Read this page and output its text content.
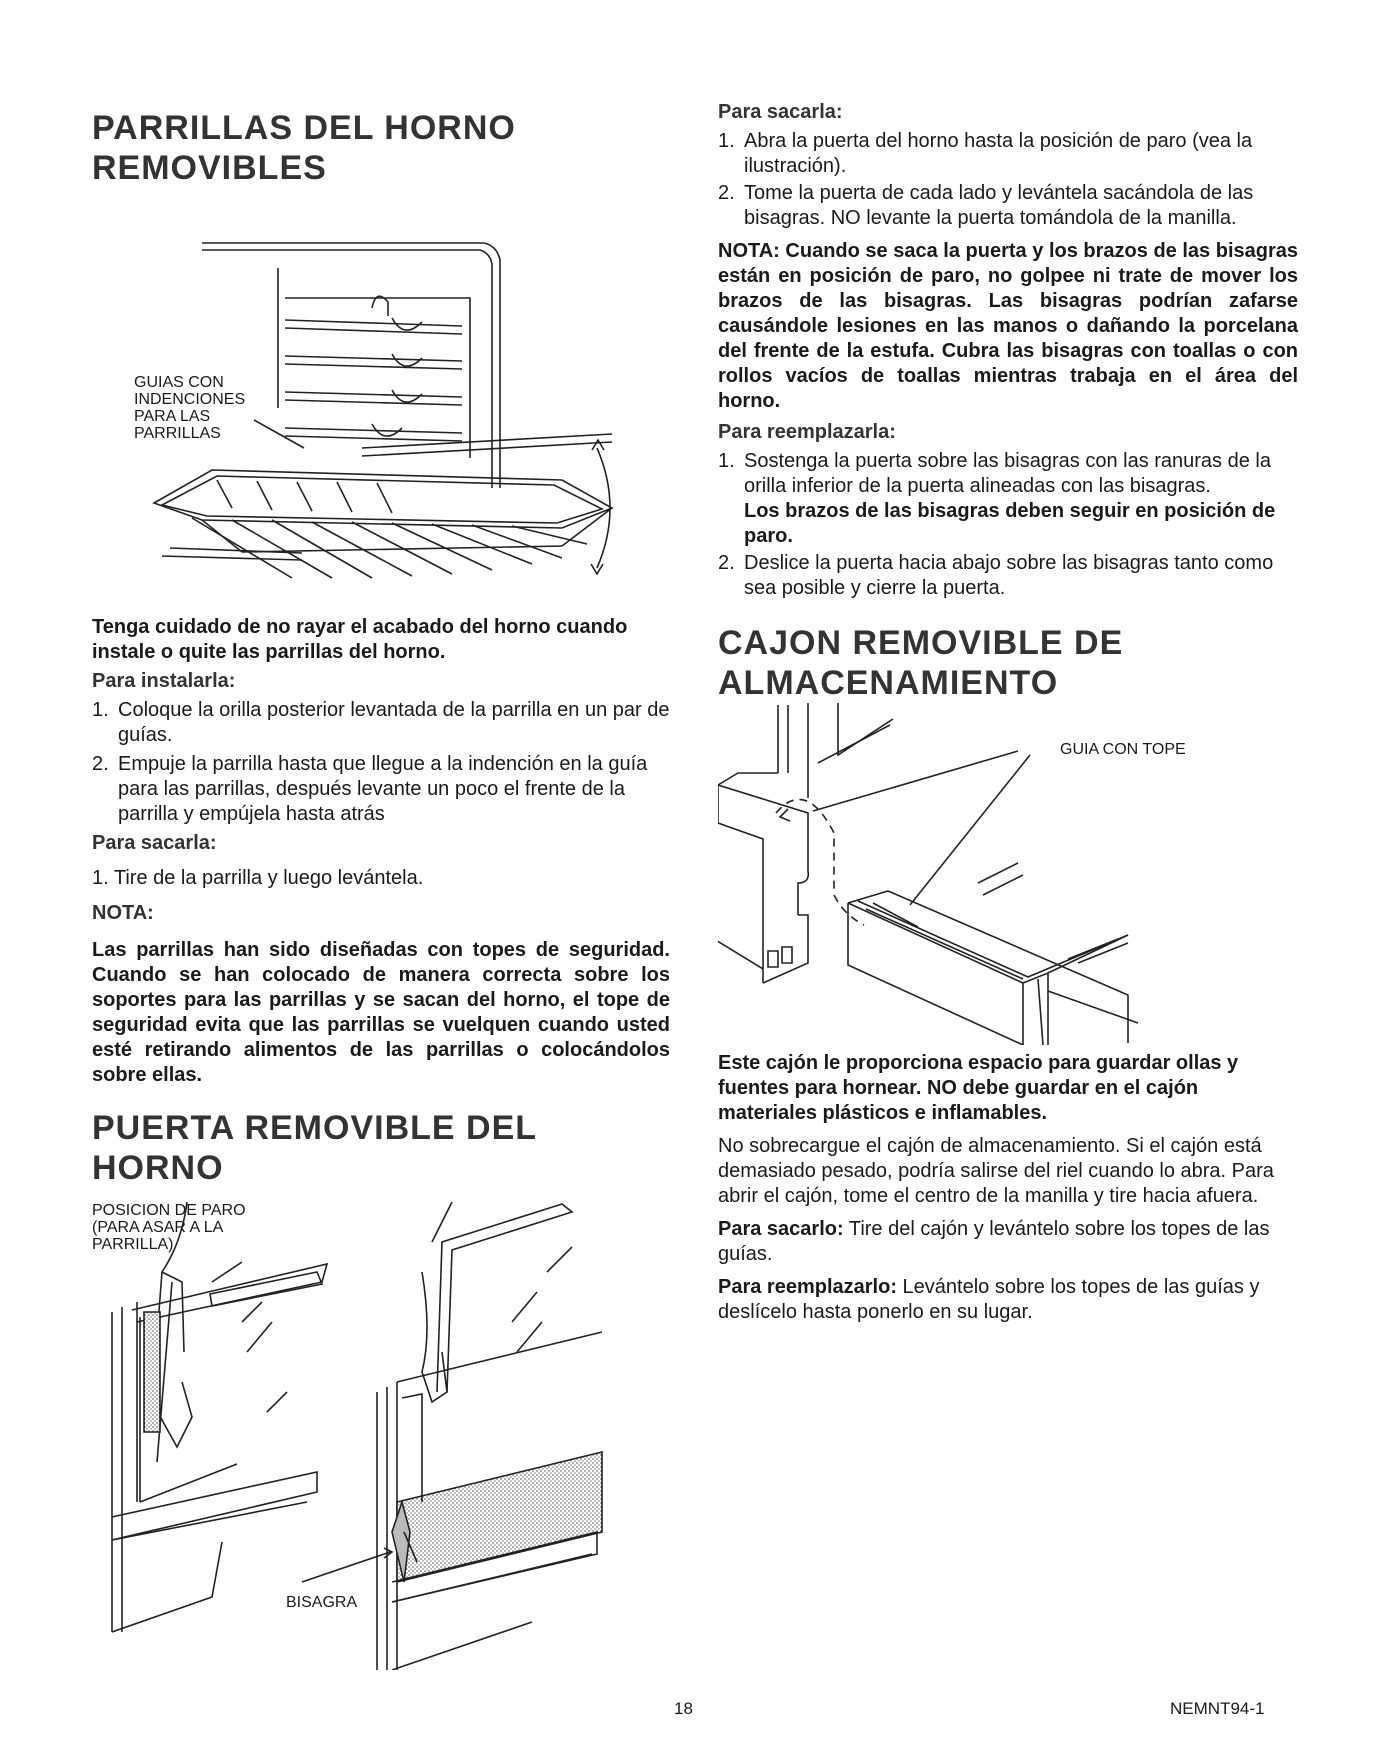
PARRILLAS DEL HORNO
REMOVIBLES
GUIAS CON
INDENCIONES
PARA LAS
PARRILLAS

Tenga cuidado de no rayar el acabado del horno cuando instale o quite las parrillas del horno.

Para instalarla:

1. Coloque la orilla posterior levantada de la parrilla en un par de guías.
2. Empuje la parrilla hasta que llegue a la indención en la guía para las parrillas, después levante un poco el frente de la parrilla y empújela hasta atrás

Para sacarla:

1. Tire de la parrilla y luego levántela.

NOTA:

Las parrillas han sido diseñadas con topes de seguridad. Cuando se han colocado de manera correcta sobre los soportes para las parrillas y se sacan del horno, el tope de seguridad evita que las parrillas se vuelquen cuando usted esté retirando alimentos de las parrillas o colocándolos sobre ellas.

PUERTA REMOVIBLE DEL HORNO
POSICION DE PARO
(PARA ASAR A LA
PARRILLA)
BISAGRA

Para sacarla:

1. Abra la puerta del horno hasta la posición de paro (vea la ilustración).
2. Tome la puerta de cada lado y levántela sacándola de las bisagras. NO levante la puerta tomándola de la manilla.

NOTA: Cuando se saca la puerta y los brazos de las bisagras están en posición de paro, no golpee ni trate de mover los brazos de las bisagras. Las bisagras podrían zafarse causándole lesiones en las manos o dañando la porcelana del frente de la estufa. Cubra las bisagras con toallas o con rollos vacíos de toallas mientras trabaja en el área del horno.

Para reemplazarla:

1. Sostenga la puerta sobre las bisagras con las ranuras de la orilla inferior de la puerta alineadas con las bisagras.
Los brazos de las bisagras deben seguir en posición de paro.
2. Deslice la puerta hacia abajo sobre las bisagras tanto como sea posible y cierre la puerta.
CAJON REMOVIBLE DE
ALMACENAMIENTO
GUIA CON TOPE

Este cajón le proporciona espacio para guardar ollas y fuentes para hornear. NO debe guardar en el cajón materiales plásticos e inflamables.

No sobrecargue el cajón de almacenamiento. Si el cajón está demasiado pesado, podría salirse del riel cuando lo abra. Para abrir el cajón, tome el centro de la manilla y tire hacia afuera.

Para sacarlo: Tire del cajón y levántelo sobre los topes de las guías.

Para reemplazarlo: Levántelo sobre los topes de las guías y deslícelo hasta ponerlo en su lugar.

18	NEMNT94-1
